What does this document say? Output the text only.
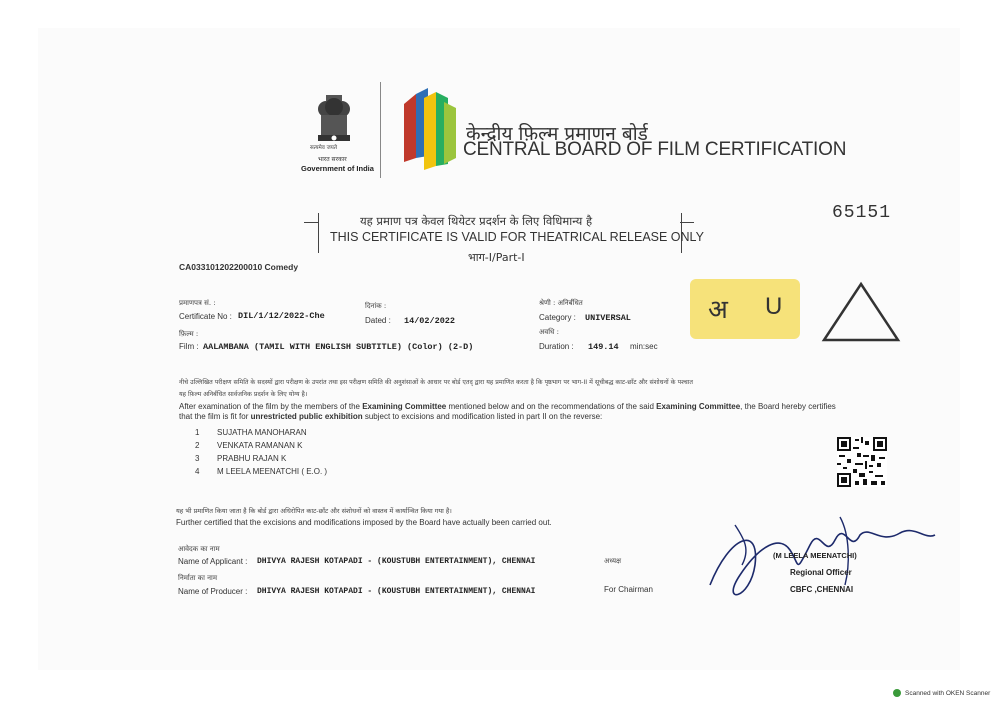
सत्यमेव जयते
भारत सरकार
Government of India
केन्द्रीय फ़िल्म प्रमाणन बोर्ड
CENTRAL BOARD OF FILM CERTIFICATION
65151
यह प्रमाण पत्र केवल थियेटर प्रदर्शन के लिए विधिमान्य है
THIS CERTIFICATE IS VALID FOR THEATRICAL RELEASE ONLY
भाग-I/Part-I
CA033101202200010 Comedy
प्रमाणपत्र सं. :
Certificate No : DIL/1/12/2022-Che
दिनांक :
Dated : 14/02/2022
श्रेणी : अनिर्बंधित
Category : UNIVERSAL
फ़िल्म :
Film : AALAMBANA (TAMIL WITH ENGLISH SUBTITLE) (Color) (2-D)
अवधि :
Duration : 149.14 min:sec
अ U
नीचे उल्लिखित परीक्षण समिति के सदस्यों द्वारा परीक्षण के उपरांत तथा इस परीक्षण समिति की अनुशंसाओं के आधार पर बोर्ड एतद् द्वारा यह प्रमाणित करता है कि पृष्ठभाग पर भाग-II में सूचीबद्ध काट-छाँट और संशोधनों के पश्चात
यह फ़िल्म अनिर्बंधित सार्वजनिक प्रदर्शन के लिए योग्य है।
After examination of the film by the members of the Examining Committee mentioned below and on the recommendations of the said Examining Committee, the Board hereby certifies
that the film is fit for unrestricted public exhibition subject to excisions and modification listed in part II on the reverse:
1 SUJATHA MANOHARAN
2 VENKATA RAMANAN K
3 PRABHU RAJAN K
4 M LEELA MEENATCHI ( E.O. )
यह भी प्रमाणित किया जाता है कि बोर्ड द्वारा अधिरोपित काट-छाँट और संशोधनों को वास्तव में कार्यान्वित किया गया है।
Further certified that the excisions and modifications imposed by the Board have actually been carried out.
आवेदक का नाम
Name of Applicant : DHIVYA RAJESH KOTAPADI - (KOUSTUBH ENTERTAINMENT), CHENNAI
निर्माता का नाम
Name of Producer : DHIVYA RAJESH KOTAPADI - (KOUSTUBH ENTERTAINMENT), CHENNAI
अध्यक्ष
For Chairman
(M LEELA MEENATCHI)
Regional Officer
CBFC ,CHENNAI
Scanned with OKEN Scanner
